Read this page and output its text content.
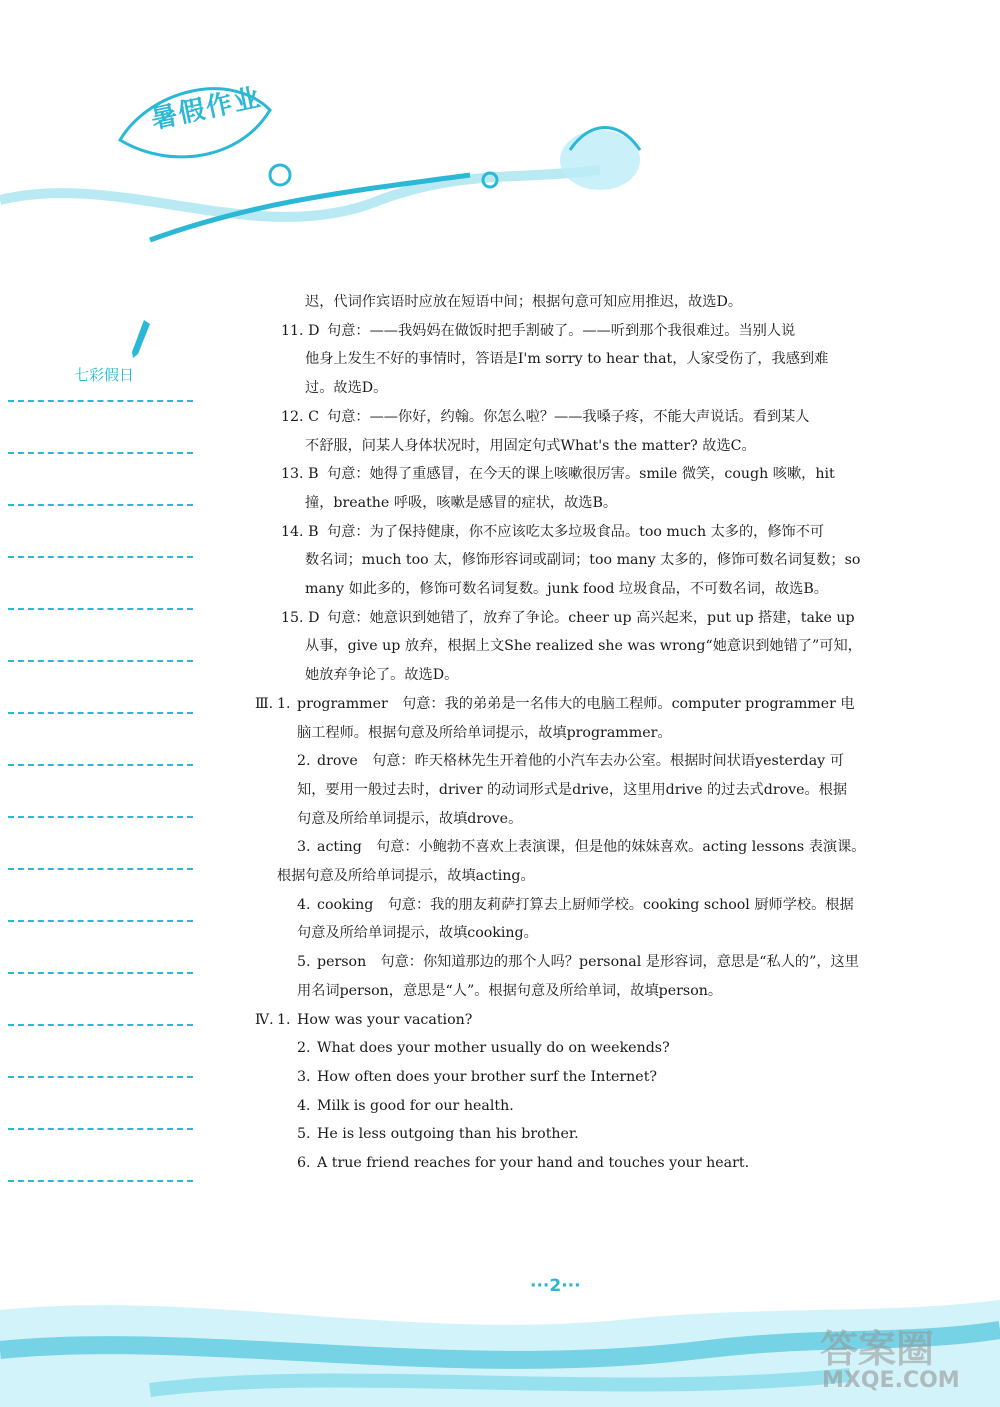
暑假作业
七彩假日
迟，代词作宾语时应放在短语中间；根据句意可知应用推迟，故选D。
11. D 句意：——我妈妈在做饭时把手割破了。——听到那个我很难过。当别人说
他身上发生不好的事情时，答语是I'm sorry to hear that，人家受伤了，我感到难
过。故选D。
12. C 句意：——你好，约翰。你怎么啦？——我嗓子疼，不能大声说话。看到某人
不舒服，问某人身体状况时，用固定句式What's the matter? 故选C。
13. B 句意：她得了重感冒，在今天的课上咳嗽很厉害。smile 微笑，cough 咳嗽，hit
撞，breathe 呼吸，咳嗽是感冒的症状，故选B。
14. B 句意：为了保持健康，你不应该吃太多垃圾食品。too much 太多的，修饰不可
数名词；much too 太，修饰形容词或副词；too many 太多的，修饰可数名词复数；so
many 如此多的，修饰可数名词复数。junk food 垃圾食品，不可数名词，故选B。
15. D 句意：她意识到她错了，放弃了争论。cheer up 高兴起来，put up 搭建，take up
从事，give up 放弃，根据上文She realized she was wrong“她意识到她错了”可知，
她放弃争论了。故选D。
Ⅲ. 1. programmer　句意：我的弟弟是一名伟大的电脑工程师。computer programmer 电
脑工程师。根据句意及所给单词提示，故填programmer。
2. drove　句意：昨天格林先生开着他的小汽车去办公室。根据时间状语yesterday 可
知，要用一般过去时，driver 的动词形式是drive，这里用drive 的过去式drove。根据
句意及所给单词提示，故填drove。
3. acting　句意：小鲍勃不喜欢上表演课，但是他的妹妹喜欢。acting lessons 表演课。
根据句意及所给单词提示，故填acting。
4. cooking　句意：我的朋友莉萨打算去上厨师学校。cooking school 厨师学校。根据
句意及所给单词提示，故填cooking。
5. person　句意：你知道那边的那个人吗？personal 是形容词，意思是“私人的”，这里
用名词person，意思是“人”。根据句意及所给单词，故填person。
Ⅳ. 1. How was your vacation?
2. What does your mother usually do on weekends?
3. How often does your brother surf the Internet?
4. Milk is good for our health.
5. He is less outgoing than his brother.
6. A true friend reaches for your hand and touches your heart.
···2···
答案圈
MXQE.COM
